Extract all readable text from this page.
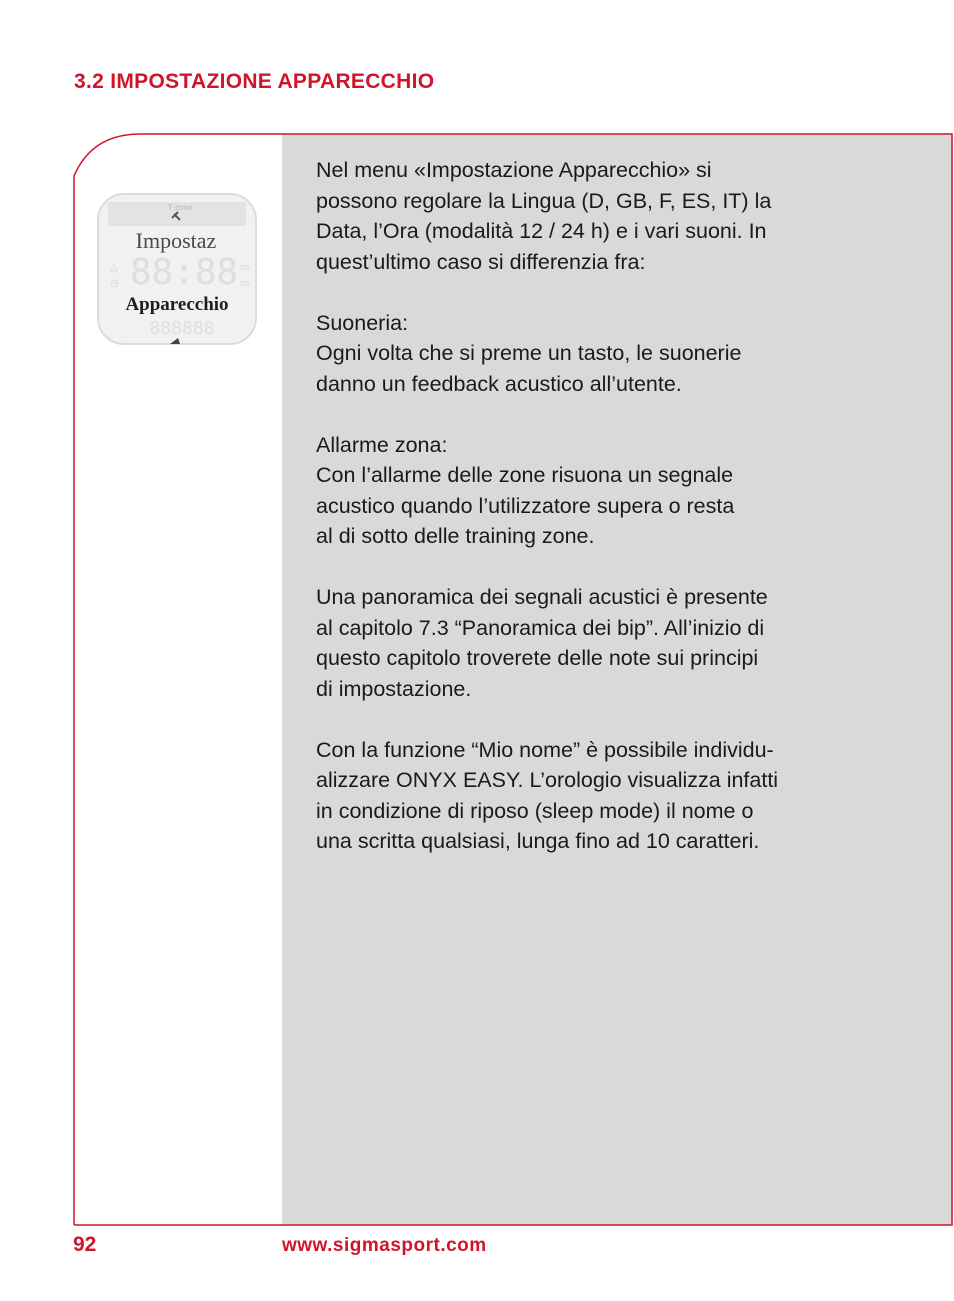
3.2 IMPOSTAZIONE APPARECCHIO
T-zone
Impostaz
88:88
△
◷
▭
▭
Apparecchio
888888

Nel menu «Impostazione Apparecchio» si

possono regolare la Lingua (D, GB, F, ES, IT) la

Data, l’Ora (modalità 12 / 24 h) e i vari suoni. In

quest’ultimo caso si differenzia fra:

Suoneria:

Ogni volta che si preme un tasto, le suonerie

danno un feedback acustico all’utente.

Allarme zona:

Con l’allarme delle zone risuona un segnale

acustico quando l’utilizzatore supera o resta

al di sotto delle training zone.

Una panoramica dei segnali acustici è presente

al capitolo 7.3 “Panoramica dei bip”. All’inizio di

questo capitolo troverete delle note sui principi

di impostazione.

Con la funzione “Mio nome” è possibile individu-

alizzare ONYX EASY. L’orologio visualizza infatti

in condizione di riposo (sleep mode) il nome o

una scritta qualsiasi, lunga fino ad 10 caratteri.

92	www.sigmasport.com
